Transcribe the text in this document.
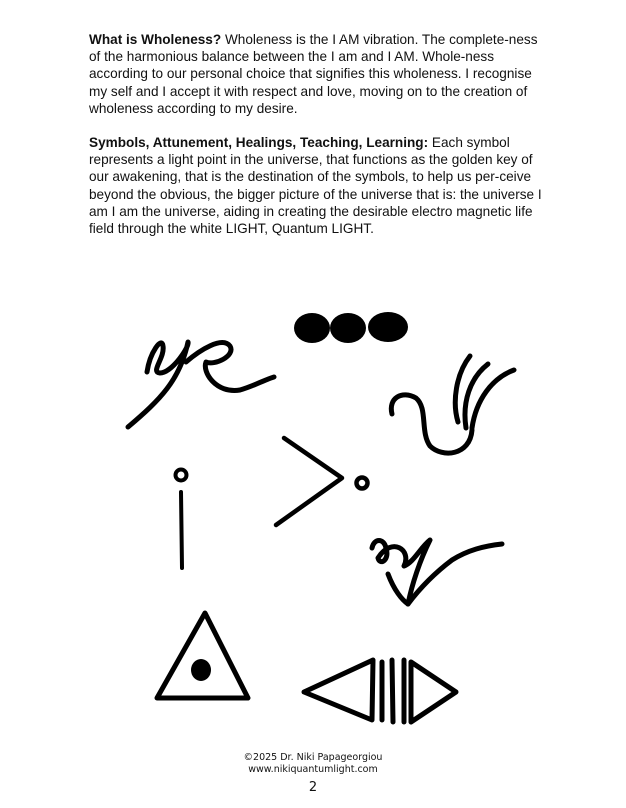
What is Wholeness? Wholeness is the I AM vibration. The complete-ness of the harmonious balance between the I am and I AM. Whole-ness according to our personal choice that signifies this wholeness. I recognise my self and I accept it with respect and love, moving on to the creation of wholeness according to my desire.

Symbols, Attunement, Healings, Teaching, Learning: Each symbol represents a light point in the universe, that functions as the golden key of our awakening, that is the destination of the symbols, to help us per-ceive beyond the obvious, the bigger picture of the universe that is: the universe I am I am the universe, aiding in creating the desirable electro magnetic life field through the white LIGHT, Quantum LIGHT.

©2025 Dr. Niki Papageorgiou
www.nikiquantumlight.com
2
